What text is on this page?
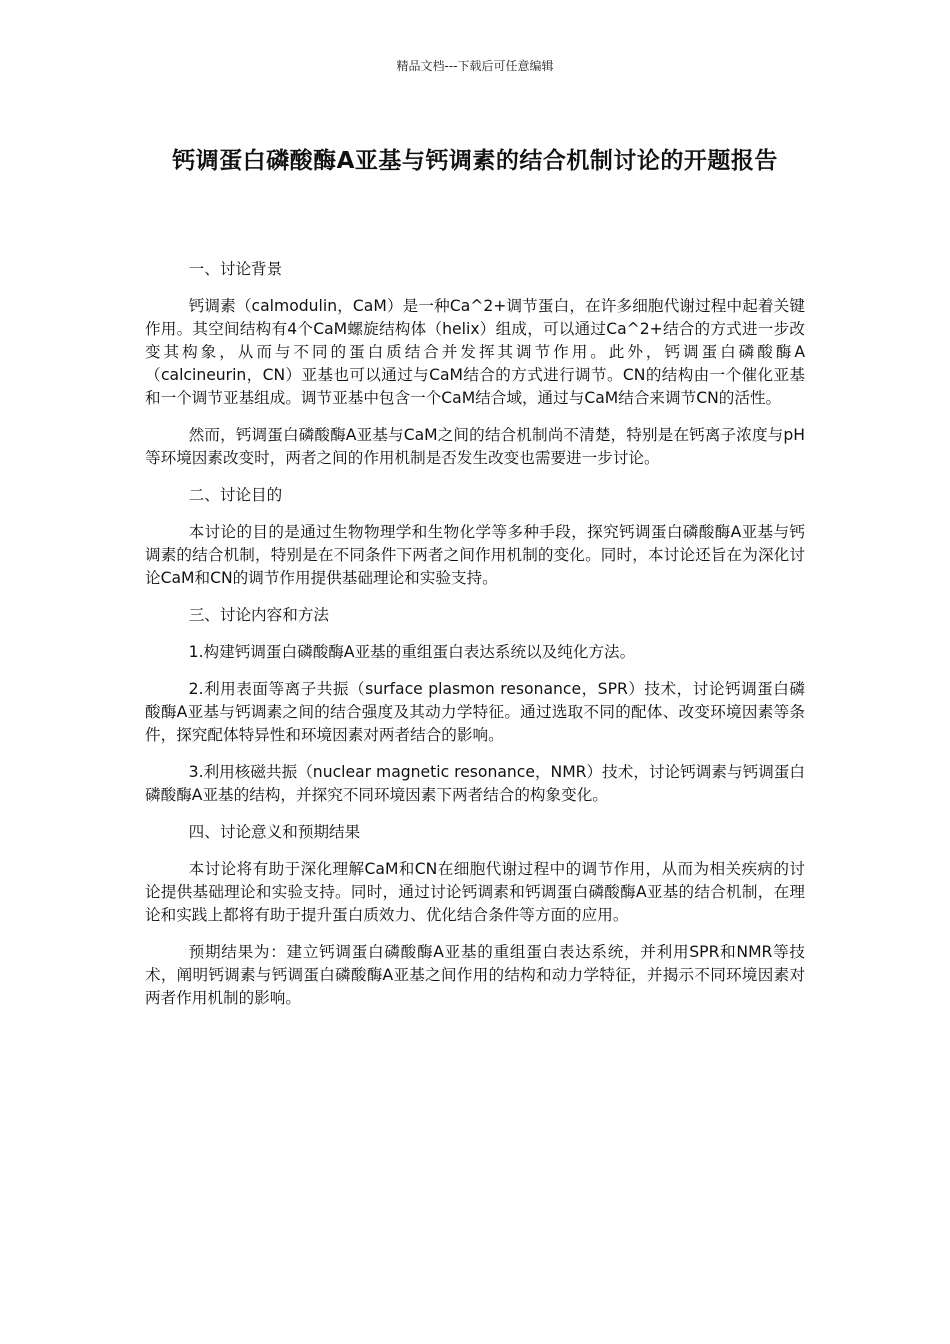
精品文档---下载后可任意编辑
钙调蛋白磷酸酶A亚基与钙调素的结合机制讨论的开题报告

一、讨论背景

钙调素（calmodulin，CaM）是一种Ca^2+调节蛋白，在许多细胞代谢过程中起着关键作用。其空间结构有4个CaM螺旋结构体（helix）组成，可以通过Ca^2+结合的方式进一步改变其构象，从而与不同的蛋白质结合并发挥其调节作用。此外，钙调蛋白磷酸酶A（calcineurin，CN）亚基也可以通过与CaM结合的方式进行调节。CN的结构由一个催化亚基和一个调节亚基组成。调节亚基中包含一个CaM结合域，通过与CaM结合来调节CN的活性。

然而，钙调蛋白磷酸酶A亚基与CaM之间的结合机制尚不清楚，特别是在钙离子浓度与pH等环境因素改变时，两者之间的作用机制是否发生改变也需要进一步讨论。

二、讨论目的

本讨论的目的是通过生物物理学和生物化学等多种手段，探究钙调蛋白磷酸酶A亚基与钙调素的结合机制，特别是在不同条件下两者之间作用机制的变化。同时，本讨论还旨在为深化讨论CaM和CN的调节作用提供基础理论和实验支持。

三、讨论内容和方法

1.构建钙调蛋白磷酸酶A亚基的重组蛋白表达系统以及纯化方法。

2.利用表面等离子共振（surface plasmon resonance，SPR）技术，讨论钙调蛋白磷酸酶A亚基与钙调素之间的结合强度及其动力学特征。通过选取不同的配体、改变环境因素等条件，探究配体特异性和环境因素对两者结合的影响。

3.利用核磁共振（nuclear magnetic resonance，NMR）技术，讨论钙调素与钙调蛋白磷酸酶A亚基的结构，并探究不同环境因素下两者结合的构象变化。

四、讨论意义和预期结果

本讨论将有助于深化理解CaM和CN在细胞代谢过程中的调节作用，从而为相关疾病的讨论提供基础理论和实验支持。同时，通过讨论钙调素和钙调蛋白磷酸酶A亚基的结合机制，在理论和实践上都将有助于提升蛋白质效力、优化结合条件等方面的应用。

预期结果为：建立钙调蛋白磷酸酶A亚基的重组蛋白表达系统，并利用SPR和NMR等技术，阐明钙调素与钙调蛋白磷酸酶A亚基之间作用的结构和动力学特征，并揭示不同环境因素对两者作用机制的影响。
